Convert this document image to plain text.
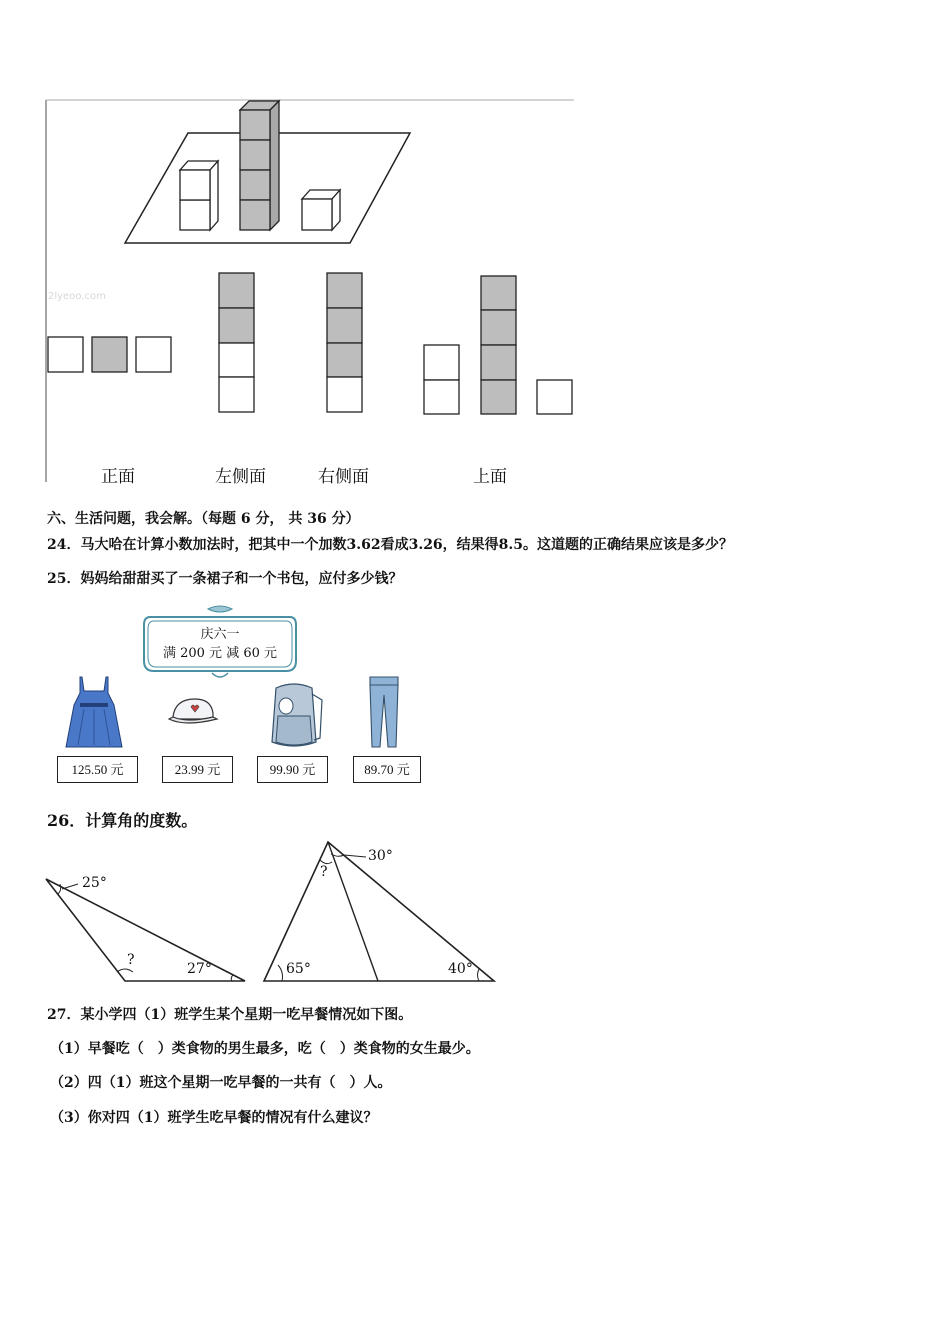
2lyeoo.com
正面	左侧面	右侧面	上面
六、生活问题，我会解。（每题 6 分， 共 36 分）
24．马大哈在计算小数加法时，把其中一个加数3.62看成3.26，结果得8.5。这道题的正确结果应该是多少？
25．妈妈给甜甜买了一条裙子和一个书包，应付多少钱？
庆六一
满 200 元 减 60 元
125.50 元	23.99 元	99.90 元	89.70 元
26．计算角的度数。
25°
?
27°
30°
?
65°	40°
27．某小学四（1）班学生某个星期一吃早餐情况如下图。
（1）早餐吃（　）类食物的男生最多，吃（　）类食物的女生最少。
（2）四（1）班这个星期一吃早餐的一共有（　）人。
（3）你对四（1）班学生吃早餐的情况有什么建议？
